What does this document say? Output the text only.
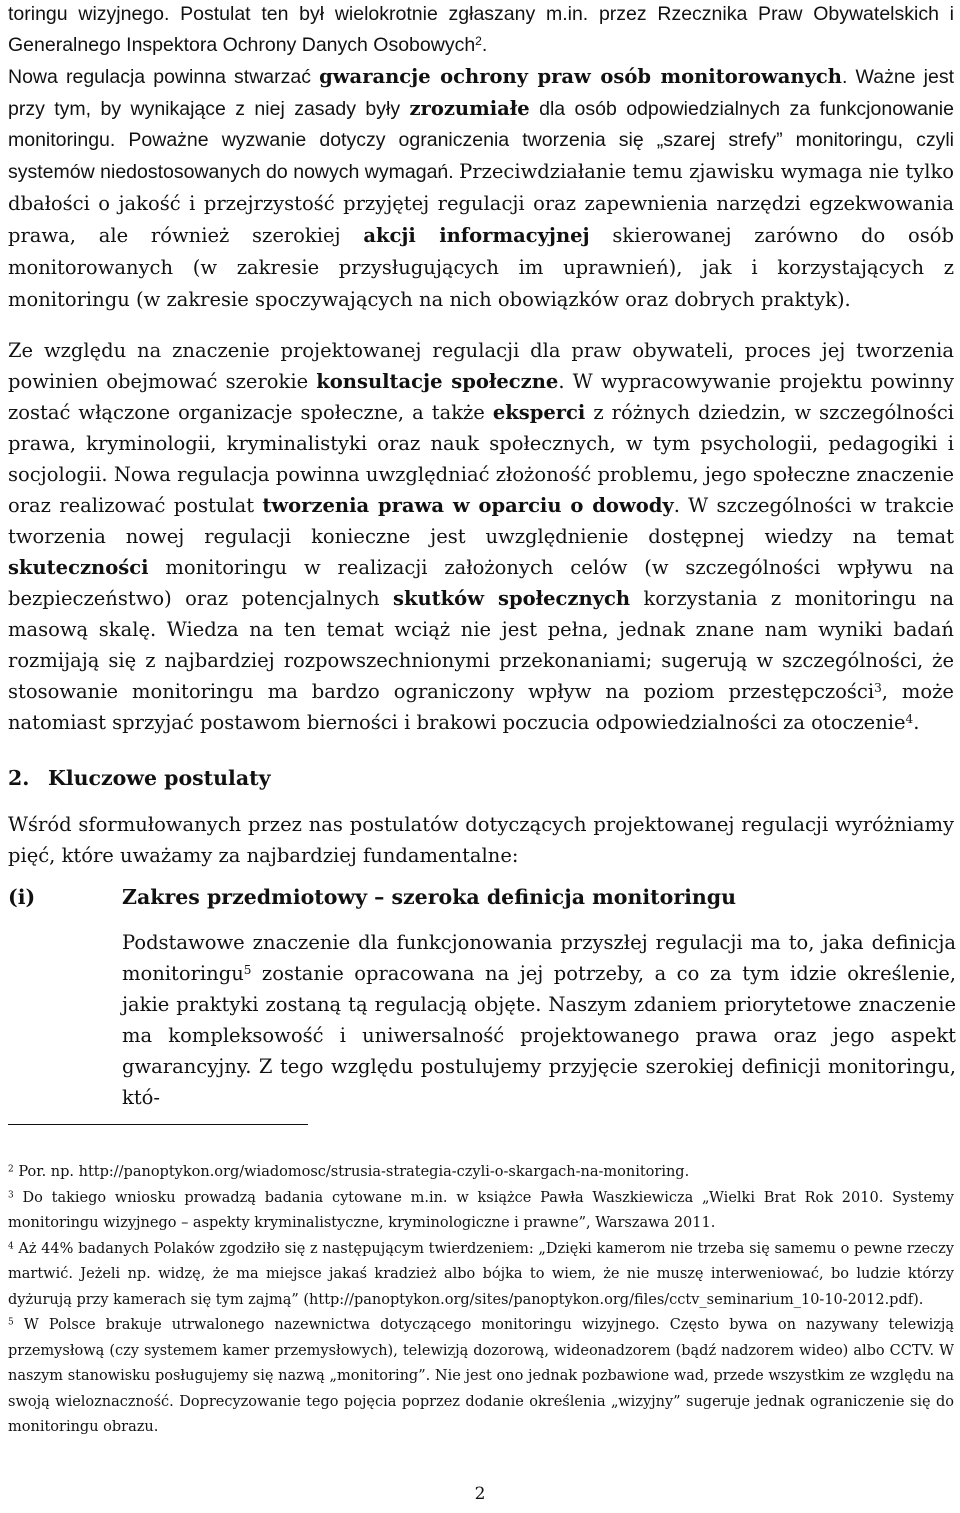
toringu wizyjnego. Postulat ten był wielokrotnie zgłaszany m.in. przez Rzecznika Praw Obywatelskich i Generalnego Inspektora Ochrony Danych Osobowych$^2$.
Nowa regulacja powinna stwarzać gwarancje ochrony praw osób monitorowanych. Ważne jest przy tym, by wynikające z niej zasady były zrozumiałe dla osób odpowiedzialnych za funkcjonowanie monitoringu. Poważne wyzwanie dotyczy ograniczenia tworzenia się „szarej strefy” monitoringu, czyli systemów niedostosowanych do nowych wymagań. Przeciwdziałanie temu zjawisku wymaga nie tylko dbałości o jakość i przejrzystość przyjętej regulacji oraz zapewnienia narzędzi egzekwowania prawa, ale również szerokiej akcji informacyjnej skierowanej zarówno do osób monitorowanych (w zakresie przysługujących im uprawnień), jak i korzystających z monitoringu (w zakresie spoczywających na nich obowiązków oraz dobrych praktyk).

Ze względu na znaczenie projektowanej regulacji dla praw obywateli, proces jej tworzenia powinien obejmować szerokie konsultacje społeczne. W wypracowywanie projektu powinny zostać włączone organizacje społeczne, a także eksperci z różnych dziedzin, w szczególności prawa, kryminologii, kryminalistyki oraz nauk społecznych, w tym psychologii, pedagogiki i socjologii. Nowa regulacja powinna uwzględniać złożoność problemu, jego społeczne znaczenie oraz realizować postulat tworzenia prawa w oparciu o dowody. W szczególności w trakcie tworzenia nowej regulacji konieczne jest uwzględnienie dostępnej wiedzy na temat skuteczności monitoringu w realizacji założonych celów (w szczególności wpływu na bezpieczeństwo) oraz potencjalnych skutków społecznych korzystania z monitoringu na masową skalę. Wiedza na ten temat wciąż nie jest pełna, jednak znane nam wyniki badań rozmijają się z najbardziej rozpowszechnionymi przekonaniami; sugerują w szczególności, że stosowanie monitoringu ma bardzo ograniczony wpływ na poziom przestępczości$^3$, może natomiast sprzyjać postawom bierności i brakowi poczucia odpowiedzialności za otoczenie$^4$.

2. Kluczowe postulaty

Wśród sformułowanych przez nas postulatów dotyczących projektowanej regulacji wyróżniamy pięć, które uważamy za najbardziej fundamentalne:

(i)	Zakres przedmiotowy – szeroka definicja monitoringu

Podstawowe znaczenie dla funkcjonowania przyszłej regulacji ma to, jaka definicja monitoringu$^5$ zostanie opracowana na jej potrzeby, a co za tym idzie określenie, jakie praktyki zostaną tą regulacją objęte. Naszym zdaniem priorytetowe znaczenie ma kompleksowość i uniwersalność projektowanego prawa oraz jego aspekt gwarancyjny. Z tego względu postulujemy przyjęcie szerokiej definicji monitoringu, któ-

$^2$ Por. np. http://panoptykon.org/wiadomosc/strusia-strategia-czyli-o-skargach-na-monitoring.

$^3$ Do takiego wniosku prowadzą badania cytowane m.in. w książce Pawła Waszkiewicza „Wielki Brat Rok 2010. Systemy monitoringu wizyjnego – aspekty kryminalistyczne, kryminologiczne i prawne”, Warszawa 2011.

$^4$ Aż 44% badanych Polaków zgodziło się z następującym twierdzeniem: „Dzięki kamerom nie trzeba się samemu o pewne rzeczy martwić. Jeżeli np. widzę, że ma miejsce jakaś kradzież albo bójka to wiem, że nie muszę interweniować, bo ludzie którzy dyżurują przy kamerach się tym zajmą” (http://panoptykon.org/sites/panoptykon.org/files/cctv_seminarium_10-10-2012.pdf).

$^5$ W Polsce brakuje utrwalonego nazewnictwa dotyczącego monitoringu wizyjnego. Często bywa on nazywany telewizją przemysłową (czy systemem kamer przemysłowych), telewizją dozorową, wideonadzorem (bądź nadzorem wideo) albo CCTV. W naszym stanowisku posługujemy się nazwą „monitoring”. Nie jest ono jednak pozbawione wad, przede wszystkim ze względu na swoją wieloznaczność. Doprecyzowanie tego pojęcia poprzez dodanie określenia „wizyjny” sugeruje jednak ograniczenie się do monitoringu obrazu.

2
